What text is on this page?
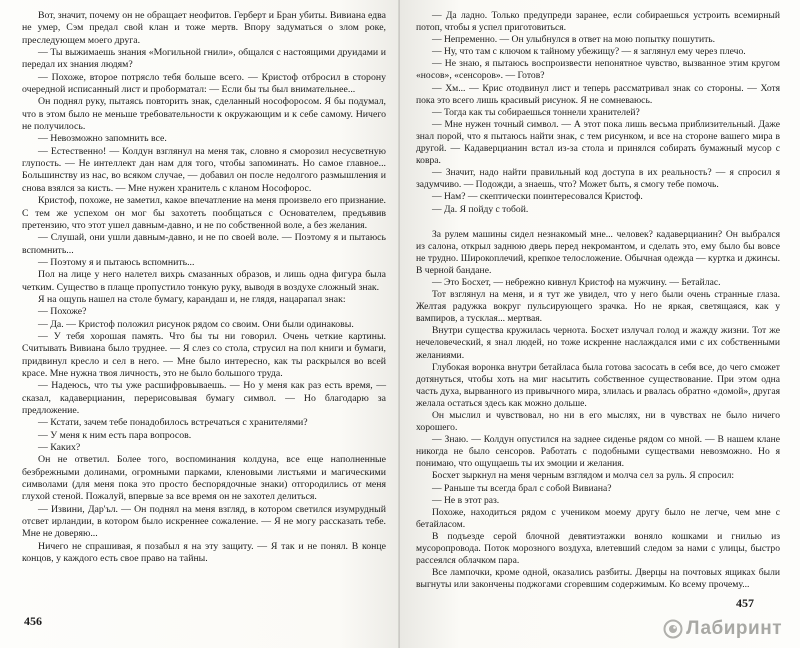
Вот, значит, почему он не обращает неофитов. Герберт и Бран убиты. Вивиана едва не умер, Сэм предал свой клан и тоже мертв. Впору задуматься о злом роке, преследующем моего друга.

— Ты выжимаешь знания «Могильной гнили», общался с настоящими друидами и передал их знания людям?

— Похоже, второе потрясло тебя больше всего. — Кристоф отбросил в сторону очередной исписанный лист и проборматал: — Если бы ты был внимательнее...

Он поднял руку, пытаясь повторить знак, сделанный нософоросом. Я бы подумал, что в этом было не меньше требовательности к окружающим и к себе самому. Ничего не получилось.

— Невозможно запомнить все.

— Естественно! — Колдун взглянул на меня так, словно я сморозил несусветную глупость. — Не интеллект дан нам для того, чтобы запоминать. Но самое главное... Большинству из нас, во всяком случае, — добавил он после недолгого размышления и снова взялся за кисть. — Мне нужен хранитель с кланом Нософорос.

Кристоф, похоже, не заметил, какое впечатление на меня произвело его признание. С тем же успехом он мог бы захотеть пообщаться с Основателем, предъявив претензию, что этот ушел давным-давно, и не по собственной воле, а без желания.

— Слушай, они ушли давным-давно, и не по своей воле. — Поэтому я и пытаюсь вспомнить...

— Поэтому я и пытаюсь вспомнить...

Пол на лице у него налетел вихрь смазанных образов, и лишь одна фигура была четким. Существо в плаще пропустило тонкую руку, выводя в воздухе сложный знак.

Я на ощупь нашел на столе бумагу, карандаш и, не глядя, нацарапал знак:

— Похоже?

— Да. — Кристоф положил рисунок рядом со своим. Они были одинаковы.

— У тебя хорошая память. Что бы ты ни говорил. Очень четкие картины. Считывать Вивиана было труднее. — Я слез со стола, струсил на пол книги и бумаги, придвинул кресло и сел в него. — Мне было интересно, как ты раскрылся во всей красе. Мне нужна твоя личность, это не было большого труда.

— Надеюсь, что ты уже расшифровываешь. — Но у меня как раз есть время, — сказал, кадаверцианин, перерисовывая бумагу символ. — Но благодарю за предложение.

— Кстати, зачем тебе понадобилось встречаться с хранителями?

— У меня к ним есть пара вопросов.

— Каких?

Он не ответил. Более того, воспоминания колдуна, все еще наполненные безбрежными долинами, огромными парками, кленовыми листьями и магическими символами (для меня пока это просто беспорядочные знаки) отгородились от меня глухой стеной. Пожалуй, впервые за все время он не захотел делиться.

— Извини, Дар'ъл. — Он поднял на меня взгляд, в котором светился изумрудный отсвет ирландии, в котором было искреннее сожаление. — Я не могу рассказать тебе. Мне не доверяю...

Ничего не спрашивая, я позабыл я на эту защиту. — Я так и не понял. В конце концов, у каждого есть свое право на тайны.

456

— Да ладно. Только предупреди заранее, если собираешься устроить всемирный потоп, чтобы я успел приготовиться.

— Непременно. — Он улыбнулся в ответ на мою попытку пошутить.

— Ну, что там с ключом к тайному убежищу? — я заглянул ему через плечо.

— Не знаю, я пытаюсь воспроизвести непонятное чувство, вызванное этим кругом «носов», «сенсоров». — Готов?

— Хм... — Крис отодвинул лист и теперь рассматривал знак со стороны. — Хотя пока это всего лишь красивый рисунок. Я не сомневаюсь.

— Тогда как ты собираешься тоннели хранителей?

— Мне нужен точный символ. — А этот пока лишь весьма приблизительный. Даже знал порой, что я пытаюсь найти знак, с тем рисунком, и все на стороне вашего мира в другой. — Кадаверцианин встал из-за стола и принялся собирать бумажный мусор с ковра.

— Значит, надо найти правильный код доступа в их реальность? — я спросил я задумчиво. — Подожди, а знаешь, что? Может быть, я смогу тебе помочь.

— Нам? — скептически поинтересовался Кристоф.

— Да. Я пойду с тобой.

За рулем машины сидел незнакомый мне... человек? кадаверцианин? Он выбрался из салона, открыл заднюю дверь перед некромантом, и сделать это, ему было бы вовсе не трудно. Широкоплечий, крепкое телосложение. Обычная одежда — куртка и джинсы. В черной бандане.

— Это Босхет, — небрежно кивнул Кристоф на мужчину. — Бетайлас.

Тот взглянул на меня, и я тут же увидел, что у него были очень странные глаза. Желтая радужка вокруг пульсирующего зрачка. Но не яркая, светящаяся, как у вампиров, а тусклая... мертвая.

Внутри существа кружилась чернота. Босхет излучал голод и жажду жизни. Тот же нечеловеческий, я знал людей, но тоже искренне наслаждался ими с их собственными желаниями.

Глубокая воронка внутри бетайласа была готова засосать в себя все, до чего сможет дотянуться, чтобы хоть на миг насытить собственное существование. При этом одна часть духа, вырванного из привычного мира, злилась и рвалась обратно «домой», другая желала остаться здесь как можно дольше.

Он мыслил и чувствовал, но ни в его мыслях, ни в чувствах не было ничего хорошего.

— Знаю. — Колдун опустился на заднее сиденье рядом со мной. — В нашем клане никогда не было сенсоров. Работать с подобными существами невозможно. Но я понимаю, что ощущаешь ты их эмоции и желания.

Босхет зыркнул на меня черным взглядом и молча сел за руль. Я спросил:

— Раньше ты всегда брал с собой Вивиана?

— Не в этот раз.

Похоже, находиться рядом с учеником моему другу было не легче, чем мне с бетайласом.

В подъезде серой блочной девятиэтажки воняло кошками и гнилью из мусоропровода. Поток морозного воздуха, влетевший следом за нами с улицы, быстро рассеялся облачком пара.

Все лампочки, кроме одной, оказались разбиты. Дверцы на почтовых ящиках были выгнуты или закончены поджогами сгоревшим содержимым. Ко всему прочему...

457
Лабиринт
